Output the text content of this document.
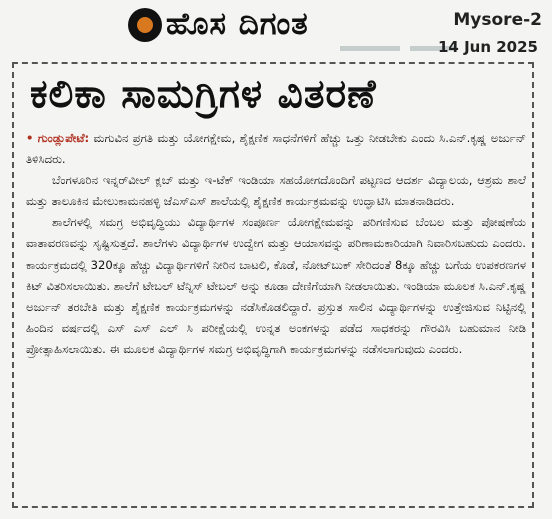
ಹೊಸ ದಿಗಂತ	Mysore-2
14 Jun 2025
ಕಲಿಕಾ ಸಾಮಗ್ರಿಗಳ ವಿತರಣೆ

• ಗುಂಡ್ಲುಪೇಟೆ: ಮಗುವಿನ ಪ್ರಗತಿ ಮತ್ತು ಯೋಗಕ್ಷೇಮ, ಶೈಕ್ಷಣಿಕ ಸಾಧನೆಗಳಿಗೆ ಹೆಚ್ಚು ಒತ್ತು ನೀಡಬೇಕು ಎಂದು ಸಿ.ಎನ್.ಕೃಷ್ಣ ಅರ್ಜುನ್ ತಿಳಿಸಿದರು.

ಬೆಂಗಳೂರಿನ ಇನ್ನರ್‌ವೀಲ್ ಕ್ಲಬ್ ಮತ್ತು ಇ-ಟೆಕ್ ಇಂಡಿಯಾ ಸಹಯೋಗದೊಂದಿಗೆ ಪಟ್ಟಣದ ಆದರ್ಶ ವಿದ್ಯಾಲಯ, ಆಶ್ರಮ ಶಾಲೆ ಮತ್ತು ತಾಲೂಕಿನ ಮೇಲುಕಾಮನಹಳ್ಳಿ ಜೆಎಸ್‌ಎಸ್ ಶಾಲೆಯಲ್ಲಿ ಶೈಕ್ಷಣಿಕ ಕಾರ್ಯಕ್ರಮವನ್ನು ಉದ್ಘಾಟಿಸಿ ಮಾತನಾಡಿದರು.

ಶಾಲೆಗಳಲ್ಲಿ ಸಮಗ್ರ ಅಭಿವೃದ್ಧಿಯು ವಿದ್ಯಾರ್ಥಿಗಳ ಸಂಪೂರ್ಣ ಯೋಗಕ್ಷೇಮವನ್ನು ಪರಿಗಣಿಸುವ ಬೆಂಬಲ ಮತ್ತು ಪೋಷಣೆಯ ವಾತಾವರಣವನ್ನು ಸೃಷ್ಟಿಸುತ್ತದೆ. ಶಾಲೆಗಳು ವಿದ್ಯಾರ್ಥಿಗಳ ಉದ್ವೇಗ ಮತ್ತು ಆಯಾಸವನ್ನು ಪರಿಣಾಮಕಾರಿಯಾಗಿ ನಿವಾರಿಸಬಹುದು ಎಂದರು. ಕಾರ್ಯಕ್ರಮದಲ್ಲಿ 320ಕ್ಕೂ ಹೆಚ್ಚು ವಿದ್ಯಾರ್ಥಿಗಳಿಗೆ ನೀರಿನ ಬಾಟಲಿ, ಕೊಡೆ, ನೋಟ್‌ಬುಕ್ ಸೇರಿದಂತೆ 8ಕ್ಕೂ ಹೆಚ್ಚು ಬಗೆಯ ಉಪಕರಣಗಳ ಕಿಟ್ ವಿತರಿಸಲಾಯಿತು. ಶಾಲೆಗೆ ಟೇಬಲ್ ಟೆನ್ನಿಸ್ ಟೇಬಲ್ ಅನ್ನು ಕೂಡಾ ದೇಣಿಗೆಯಾಗಿ ನೀಡಲಾಯಿತು. ಇಂಡಿಯಾ ಮೂಲಕ ಸಿ.ಎನ್.ಕೃಷ್ಣ ಅರ್ಜುನ್ ತರಬೇತಿ ಮತ್ತು ಶೈಕ್ಷಣಿಕ ಕಾರ್ಯಕ್ರಮಗಳನ್ನು ನಡೆಸಿಕೊಡಲಿದ್ದಾರೆ. ಪ್ರಸ್ತುತ ಸಾಲಿನ ವಿದ್ಯಾರ್ಥಿಗಳನ್ನು ಉತ್ತೇಜಿಸುವ ನಿಟ್ಟಿನಲ್ಲಿ ಹಿಂದಿನ ವರ್ಷದಲ್ಲಿ ಎಸ್ ಎಸ್ ಎಲ್ ಸಿ ಪರೀಕ್ಷೆಯಲ್ಲಿ ಉನ್ನತ ಅಂಕಗಳನ್ನು ಪಡೆದ ಸಾಧಕರನ್ನು ಗೌರವಿಸಿ ಬಹುಮಾನ ನೀಡಿ ಪ್ರೋತ್ಸಾಹಿಸಲಾಯಿತು. ಈ ಮೂಲಕ ವಿದ್ಯಾರ್ಥಿಗಳ ಸಮಗ್ರ ಅಭಿವೃದ್ಧಿಗಾಗಿ ಕಾರ್ಯಕ್ರಮಗಳನ್ನು ನಡೆಸಲಾಗುವುದು ಎಂದರು.
